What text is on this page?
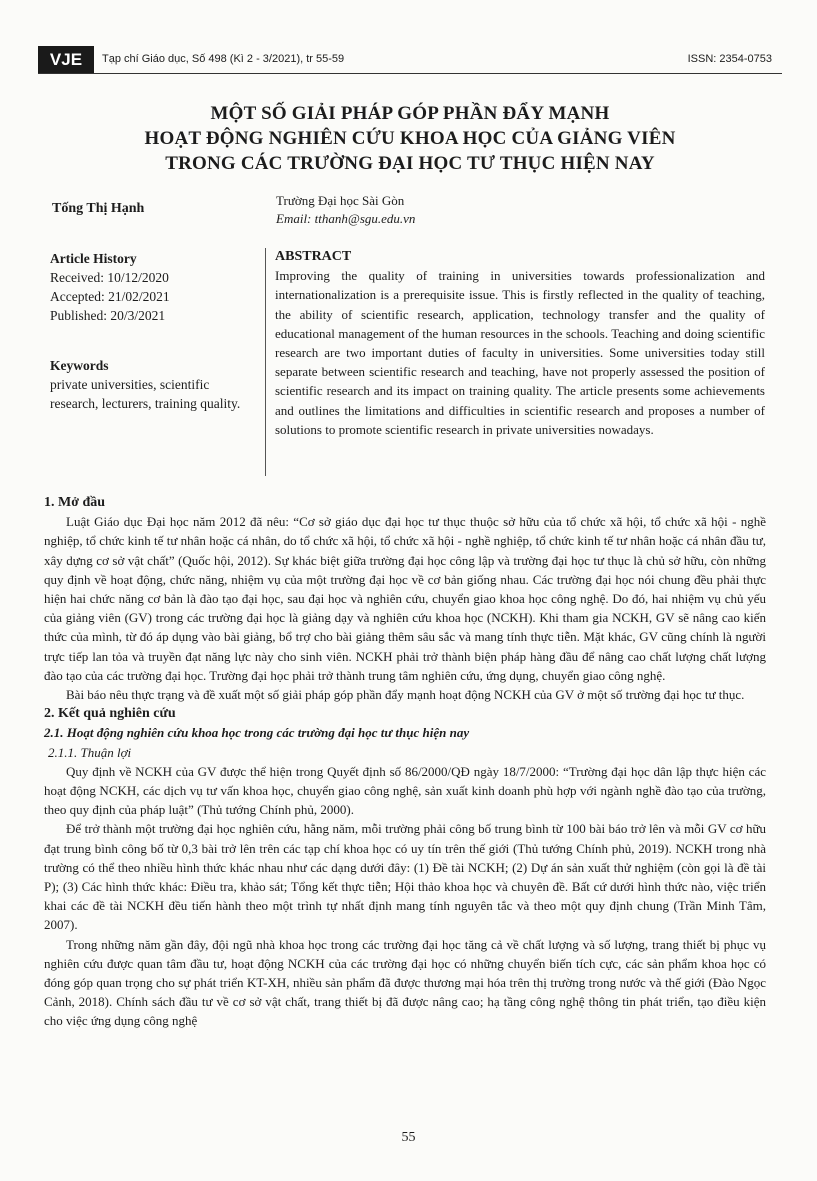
VJE	Tạp chí Giáo dục, Số 498 (Kì 2 - 3/2021), tr 55-59	ISSN: 2354-0753
MỘT SỐ GIẢI PHÁP GÓP PHẦN ĐẨY MẠNH
HOẠT ĐỘNG NGHIÊN CỨU KHOA HỌC CỦA GIẢNG VIÊN
TRONG CÁC TRƯỜNG ĐẠI HỌC TƯ THỤC HIỆN NAY
Tống Thị Hạnh
Trường Đại học Sài Gòn
Email: tthanh@sgu.edu.vn
Article History
Received: 10/12/2020
Accepted: 21/02/2021
Published: 20/3/2021
Keywords
private universities, scientific research, lecturers, training quality.
ABSTRACT
Improving the quality of training in universities towards professionalization and internationalization is a prerequisite issue. This is firstly reflected in the quality of teaching, the ability of scientific research, application, technology transfer and the quality of educational management of the human resources in the schools. Teaching and doing scientific research are two important duties of faculty in universities. Some universities today still separate between scientific research and teaching, have not properly assessed the position of scientific research and its impact on training quality. The article presents some achievements and outlines the limitations and difficulties in scientific research and proposes a number of solutions to promote scientific research in private universities nowadays.
1. Mở đầu

Luật Giáo dục Đại học năm 2012 đã nêu: “Cơ sở giáo dục đại học tư thục thuộc sở hữu của tổ chức xã hội, tổ chức xã hội - nghề nghiệp, tổ chức kinh tế tư nhân hoặc cá nhân, do tổ chức xã hội, tổ chức xã hội - nghề nghiệp, tổ chức kinh tế tư nhân hoặc cá nhân đầu tư, xây dựng cơ sở vật chất” (Quốc hội, 2012). Sự khác biệt giữa trường đại học công lập và trường đại học tư thục là chủ sở hữu, còn những quy định về hoạt động, chức năng, nhiệm vụ của một trường đại học về cơ bản giống nhau. Các trường đại học nói chung đều phải thực hiện hai chức năng cơ bản là đào tạo đại học, sau đại học và nghiên cứu, chuyển giao khoa học công nghệ. Do đó, hai nhiệm vụ chủ yếu của giảng viên (GV) trong các trường đại học là giảng dạy và nghiên cứu khoa học (NCKH). Khi tham gia NCKH, GV sẽ nâng cao kiến thức của mình, từ đó áp dụng vào bài giảng, bổ trợ cho bài giảng thêm sâu sắc và mang tính thực tiễn. Mặt khác, GV cũng chính là người trực tiếp lan tỏa và truyền đạt năng lực này cho sinh viên. NCKH phải trở thành biện pháp hàng đầu để nâng cao chất lượng chất lượng đào tạo của các trường đại học. Trường đại học phải trở thành trung tâm nghiên cứu, ứng dụng, chuyển giao công nghệ.

Bài báo nêu thực trạng và đề xuất một số giải pháp góp phần đẩy mạnh hoạt động NCKH của GV ở một số trường đại học tư thục.

2. Kết quả nghiên cứu
2.1. Hoạt động nghiên cứu khoa học trong các trường đại học tư thục hiện nay
2.1.1. Thuận lợi

Quy định về NCKH của GV được thể hiện trong Quyết định số 86/2000/QĐ ngày 18/7/2000: “Trường đại học dân lập thực hiện các hoạt động NCKH, các dịch vụ tư vấn khoa học, chuyển giao công nghệ, sản xuất kinh doanh phù hợp với ngành nghề đào tạo của trường, theo quy định của pháp luật” (Thủ tướng Chính phủ, 2000).

Để trở thành một trường đại học nghiên cứu, hằng năm, mỗi trường phải công bố trung bình từ 100 bài báo trở lên và mỗi GV cơ hữu đạt trung bình công bố từ 0,3 bài trở lên trên các tạp chí khoa học có uy tín trên thế giới (Thủ tướng Chính phủ, 2019). NCKH trong nhà trường có thể theo nhiều hình thức khác nhau như các dạng dưới đây: (1) Đề tài NCKH; (2) Dự án sản xuất thử nghiệm (còn gọi là đề tài P); (3) Các hình thức khác: Điều tra, khảo sát; Tổng kết thực tiễn; Hội thảo khoa học và chuyên đề. Bất cứ dưới hình thức nào, việc triển khai các đề tài NCKH đều tiến hành theo một trình tự nhất định mang tính nguyên tắc và theo một quy định chung (Trần Minh Tâm, 2007).

Trong những năm gần đây, đội ngũ nhà khoa học trong các trường đại học tăng cả về chất lượng và số lượng, trang thiết bị phục vụ nghiên cứu được quan tâm đầu tư, hoạt động NCKH của các trường đại học có những chuyển biến tích cực, các sản phẩm khoa học có đóng góp quan trọng cho sự phát triển KT-XH, nhiều sản phẩm đã được thương mại hóa trên thị trường trong nước và thế giới (Đào Ngọc Cảnh, 2018). Chính sách đầu tư về cơ sở vật chất, trang thiết bị đã được nâng cao; hạ tầng công nghệ thông tin phát triển, tạo điều kiện cho việc ứng dụng công nghệ

55
